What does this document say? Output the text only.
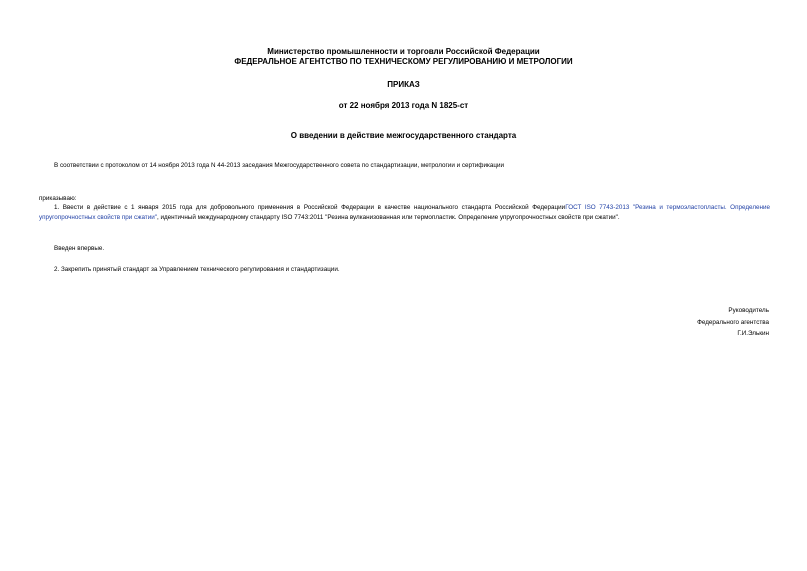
Министерство промышленности и торговли Российской Федерации
ФЕДЕРАЛЬНОЕ АГЕНТСТВО ПО ТЕХНИЧЕСКОМУ РЕГУЛИРОВАНИЮ И МЕТРОЛОГИИ
ПРИКАЗ
от 22 ноября 2013 года N 1825-ст
О введении в действие межгосударственного стандарта
В соответствии с протоколом от 14 ноября 2013 года N 44-2013 заседания Межгосударственного совета по стандартизации, метрологии и сертификации
приказываю:
1. Ввести в действие с 1 января 2015 года для добровольного применения в Российской Федерации в качестве национального стандарта Российской ФедерацииГОСТ ISO 7743-2013 "Резина и термоэластопласты. Определение упругопрочностных свойств при сжатии", идентичный международному стандарту ISO 7743:2011 "Резина вулканизованная или термопластик. Определение упругопрочностных свойств при сжатии".
Введен впервые.
2. Закрепить принятый стандарт за Управлением технического регулирования и стандартизации.
Руководитель
Федерального агентства
Г.И.Элькин
